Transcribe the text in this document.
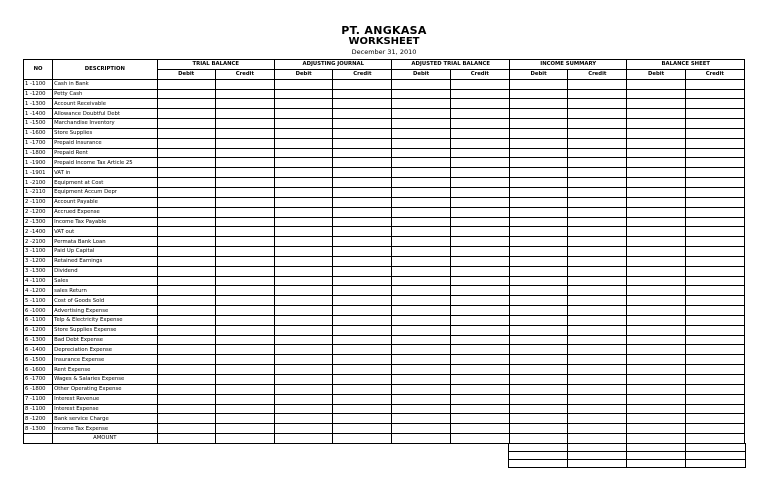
PT. ANGKASA
WORKSHEET
December 31, 2010
NO	DESCRIPTION	TRIAL BALANCE		ADJUSTING JOURNAL		ADJUSTED TRIAL BALANCE		INCOME SUMMARY		BALANCE SHEET	
		Debit	Credit	Debit	Credit	Debit	Credit	Debit	Credit	Debit	Credit
1 -1100	Cash in Bank										
1 -1200	Petty Cash										
1 -1300	Account Receivable										
1 -1400	Allowance Doubtful Debt										
1 -1500	Marchandise Inventory										
1 -1600	Store Supplies										
1 -1700	Prepaid Insurance										
1 -1800	Prepaid Rent										
1 -1900	Prepaid Income Tax Article 25										
1 -1901	VAT in										
1 -2100	Equipment at Cost										
1 -2110	Equipment Accum Depr										
2 -1100	Account Payable										
2 -1200	Accrued Expense										
2 -1300	Income Tax Payable										
2 -1400	VAT out										
2 -2100	Permata Bank Loan										
3 -1100	Paid Up Capital										
3 -1200	Retained Earnings										
3 -1300	Dividend										
4 -1100	Sales										
4 -1200	sales Return										
5 -1100	Cost of Goods Sold										
6 -1000	Advertising Expense										
6 -1100	Telp & Electricity Expense										
6 -1200	Store Supplies Expense										
6 -1300	Bad Debt Expense										
6 -1400	Depreciation Expense										
6 -1500	Insurance Expense										
6 -1600	Rent Expense										
6 -1700	Wages & Salaries Expense										
6 -1800	Other Operating Expense										
7 -1100	Interest Revenue										
8 -1100	Interest Expense										
8 -1200	Bank service Charge										
8 -1300	Income Tax Expense										
	AMOUNT										
